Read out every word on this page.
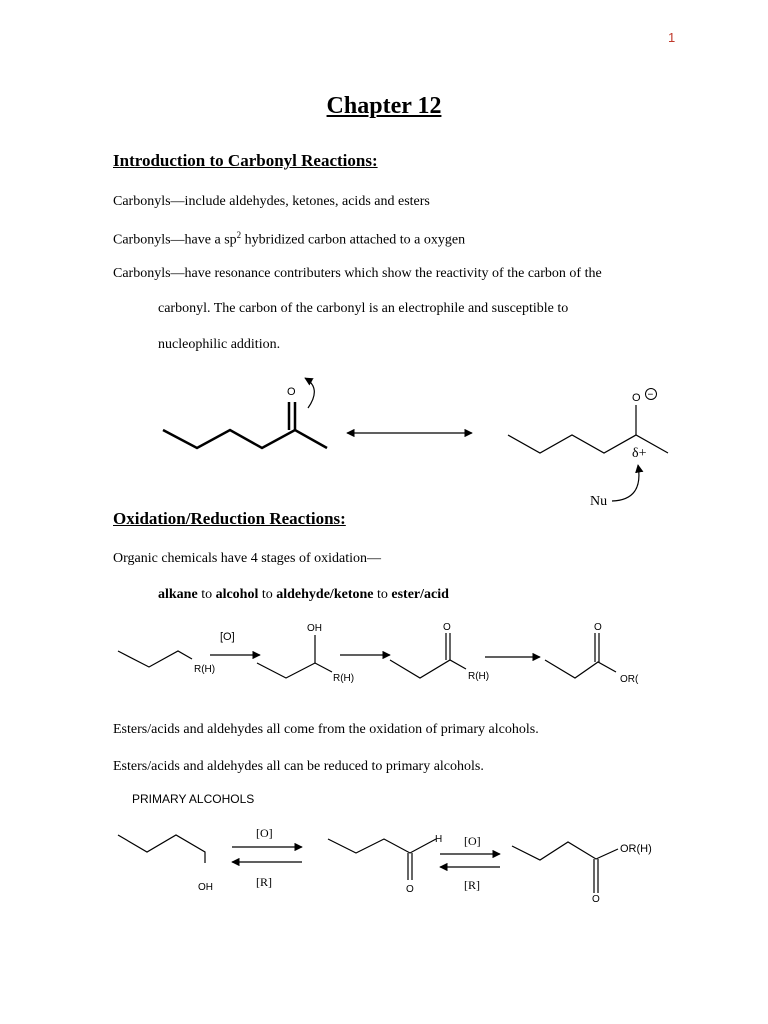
1
Chapter 12
Introduction to Carbonyl Reactions:
Carbonyls—include aldehydes, ketones, acids and esters
Carbonyls—have a $sp^2$ hybridized carbon attached to a oxygen
Carbonyls—have resonance contributers which show the reactivity of the carbon of the
carbonyl. The carbon of the carbonyl is an electrophile and susceptible to
nucleophilic addition.
O	O −
δ+
Nu
Oxidation/Reduction Reactions:
Organic chemicals have 4 stages of oxidation—
alkane to alcohol to aldehyde/ketone to ester/acid
[O]
R(H)
OH
R(H)
O
R(H)
O
OR(
Esters/acids and aldehydes all come from the oxidation of primary alcohols.
Esters/acids and aldehydes all can be reduced to primary alcohols.
PRIMARY ALCOHOLS
OH
[O]
[R]
H
O
[O]
[R]
OR(H)
O
